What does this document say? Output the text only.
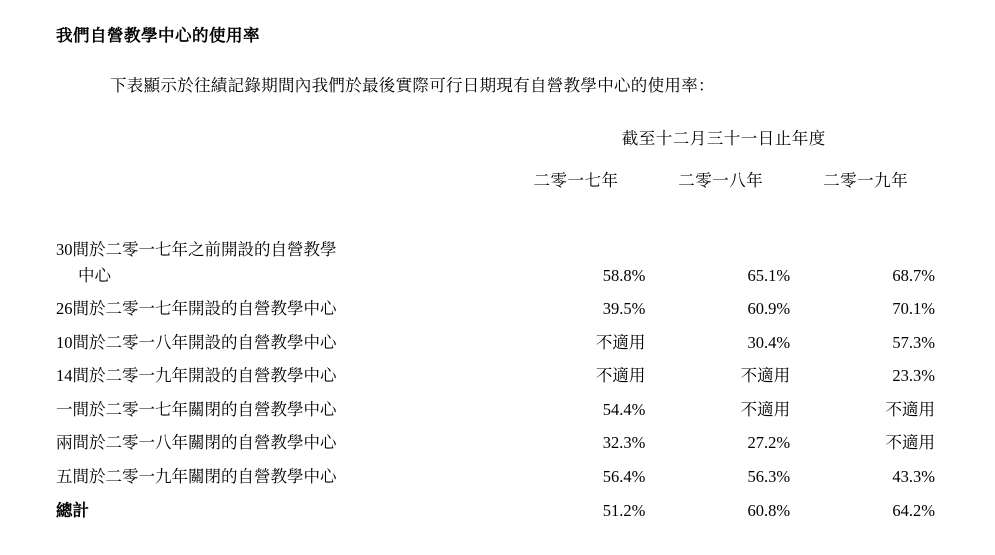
我們自營教學中心的使用率
下表顯示於往績記錄期間內我們於最後實際可行日期現有自營教學中心的使用率：
	截至十二月三十一日止年度		
	二零一七年	二零一八年	二零一九年

30間於二零一七年之前開設的自營教學
中心	58.8%	65.1%	68.7%
26間於二零一七年開設的自營教學中心	39.5%	60.9%	70.1%
10間於二零一八年開設的自營教學中心	不適用	30.4%	57.3%
14間於二零一九年開設的自營教學中心	不適用	不適用	23.3%
一間於二零一七年關閉的自營教學中心	54.4%	不適用	不適用
兩間於二零一八年關閉的自營教學中心	32.3%	27.2%	不適用
五間於二零一九年關閉的自營教學中心	56.4%	56.3%	43.3%
總計	51.2%	60.8%	64.2%
